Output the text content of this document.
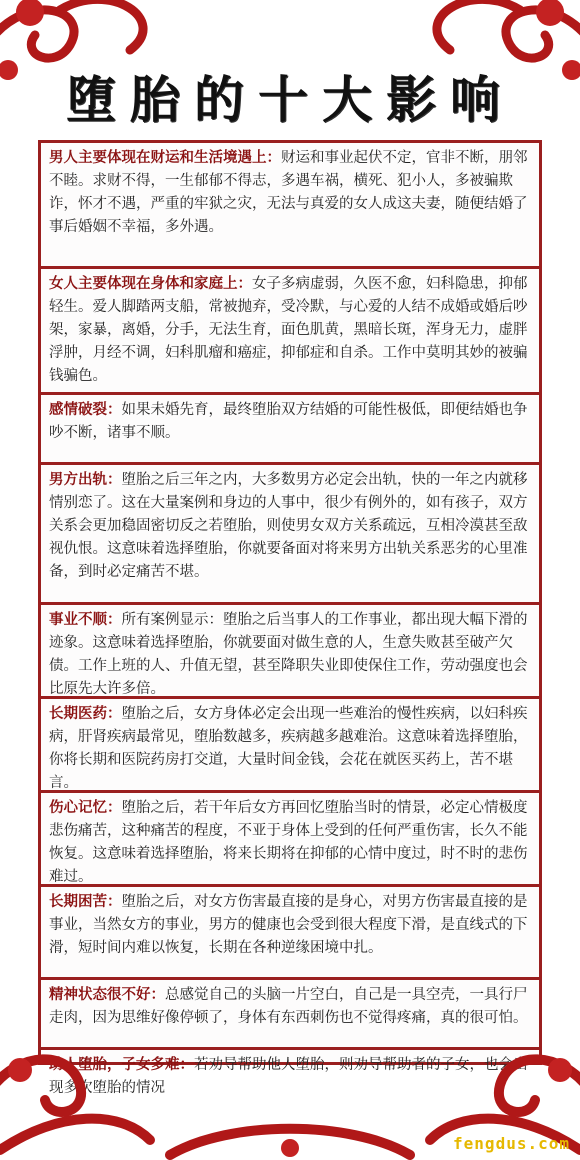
堕胎的十大影响
男人主要体现在财运和生活境遇上：财运和事业起伏不定，官非不断，朋邻不睦。求财不得，一生郁郁不得志，多遇车祸，横死、犯小人，多被骗欺诈，怀才不遇，严重的牢狱之灾，无法与真爱的女人成这夫妻，随便结婚了事后婚姻不幸福，多外遇。
女人主要体现在身体和家庭上：女子多病虚弱，久医不愈，妇科隐患，抑郁轻生。爱人脚踏两支船，常被抛弃，受冷默，与心爱的人结不成婚或婚后吵架，家暴，离婚，分手，无法生育，面色肌黄，黑暗长斑，浑身无力，虚胖浮肿，月经不调，妇科肌瘤和癌症，抑郁症和自杀。工作中莫明其妙的被骗钱骗色。
感情破裂：如果未婚先育，最终堕胎双方结婚的可能性极低，即便结婚也争吵不断，诸事不顺。
男方出轨：堕胎之后三年之内，大多数男方必定会出轨，快的一年之内就移情别恋了。这在大量案例和身边的人事中，很少有例外的，如有孩子，双方关系会更加稳固密切反之若堕胎，则使男女双方关系疏远，互相冷漠甚至敌视仇恨。这意味着选择堕胎，你就要备面对将来男方出轨关系恶劣的心里准备，到时必定痛苦不堪。
事业不顺：所有案例显示：堕胎之后当事人的工作事业，都出现大幅下滑的迹象。这意味着选择堕胎，你就要面对做生意的人，生意失败甚至破产欠债。工作上班的人、升值无望，甚至降职失业即使保住工作，劳动强度也会比原先大许多倍。
长期医药：堕胎之后，女方身体必定会出现一些难治的慢性疾病，以妇科疾病，肝肾疾病最常见，堕胎数越多，疾病越多越难治。这意味着选择堕胎，你将长期和医院药房打交道，大量时间金钱，会花在就医买药上，苦不堪言。
伤心记忆：堕胎之后，若干年后女方再回忆堕胎当时的情景，必定心情极度悲伤痛苦，这种痛苦的程度，不亚于身体上受到的任何严重伤害，长久不能恢复。这意味着选择堕胎，将来长期将在抑郁的心情中度过，时不时的悲伤难过。
长期困苦：堕胎之后，对女方伤害最直接的是身心，对男方伤害最直接的是事业，当然女方的事业，男方的健康也会受到很大程度下滑，是直线式的下滑，短时间内难以恢复，长期在各种逆缘困境中扎。
精神状态很不好：总感觉自己的头脑一片空白，自己是一具空壳，一具行尸走肉，因为思维好像停顿了，身体有东西刺伤也不觉得疼痛，真的很可怕。
助人堕胎，子女多难：若劝导帮助他人堕胎，则劝导帮助者的子女，也会出现多次堕胎的情况
fengdus.com
